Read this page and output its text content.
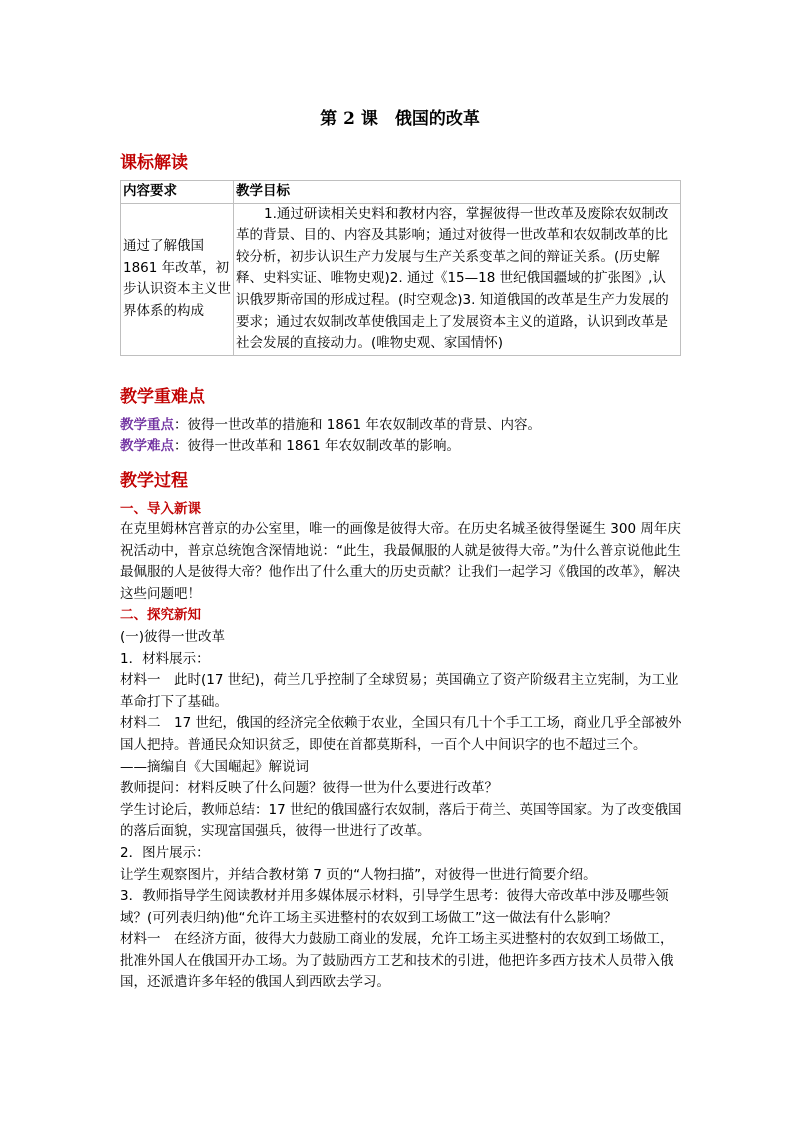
第 2 课　俄国的改革
课标解读
内容要求	教学目标
通过了解俄国 1861 年改革，初步认识资本主义世界体系的构成	1.通过研读相关史料和教材内容，掌握彼得一世改革及废除农奴制改革的背景、目的、内容及其影响；通过对彼得一世改革和农奴制改革的比较分析，初步认识生产力发展与生产关系变革之间的辩证关系。(历史解释、史料实证、唯物史观)2. 通过《15—18 世纪俄国疆域的扩张图》,认识俄罗斯帝国的形成过程。(时空观念)3. 知道俄国的改革是生产力发展的要求；通过农奴制改革使俄国走上了发展资本主义的道路，认识到改革是社会发展的直接动力。(唯物史观、家国情怀)
教学重难点
教学重点：彼得一世改革的措施和 1861 年农奴制改革的背景、内容。
教学难点：彼得一世改革和 1861 年农奴制改革的影响。
教学过程
一、导入新课

在克里姆林宫普京的办公室里，唯一的画像是彼得大帝。在历史名城圣彼得堡诞生 300 周年庆祝活动中，普京总统饱含深情地说：“此生，我最佩服的人就是彼得大帝。”为什么普京说他此生最佩服的人是彼得大帝？他作出了什么重大的历史贡献？让我们一起学习《俄国的改革》，解决这些问题吧！

二、探究新知

(一)彼得一世改革

1．材料展示：

材料一　此时(17 世纪)，荷兰几乎控制了全球贸易；英国确立了资产阶级君主立宪制，为工业革命打下了基础。

材料二　17 世纪，俄国的经济完全依赖于农业，全国只有几十个手工工场，商业几乎全部被外国人把持。普通民众知识贫乏，即使在首都莫斯科，一百个人中间识字的也不超过三个。

——摘编自《大国崛起》解说词

教师提问：材料反映了什么问题？彼得一世为什么要进行改革？

学生讨论后，教师总结：17 世纪的俄国盛行农奴制，落后于荷兰、英国等国家。为了改变俄国的落后面貌，实现富国强兵，彼得一世进行了改革。

2．图片展示：

让学生观察图片，并结合教材第 7 页的“人物扫描”，对彼得一世进行简要介绍。

3．教师指导学生阅读教材并用多媒体展示材料，引导学生思考：彼得大帝改革中涉及哪些领域？(可列表归纳)他“允许工场主买进整村的农奴到工场做工”这一做法有什么影响？

材料一　在经济方面，彼得大力鼓励工商业的发展，允许工场主买进整村的农奴到工场做工，批准外国人在俄国开办工场。为了鼓励西方工艺和技术的引进，他把许多西方技术人员带入俄国，还派遣许多年轻的俄国人到西欧去学习。
